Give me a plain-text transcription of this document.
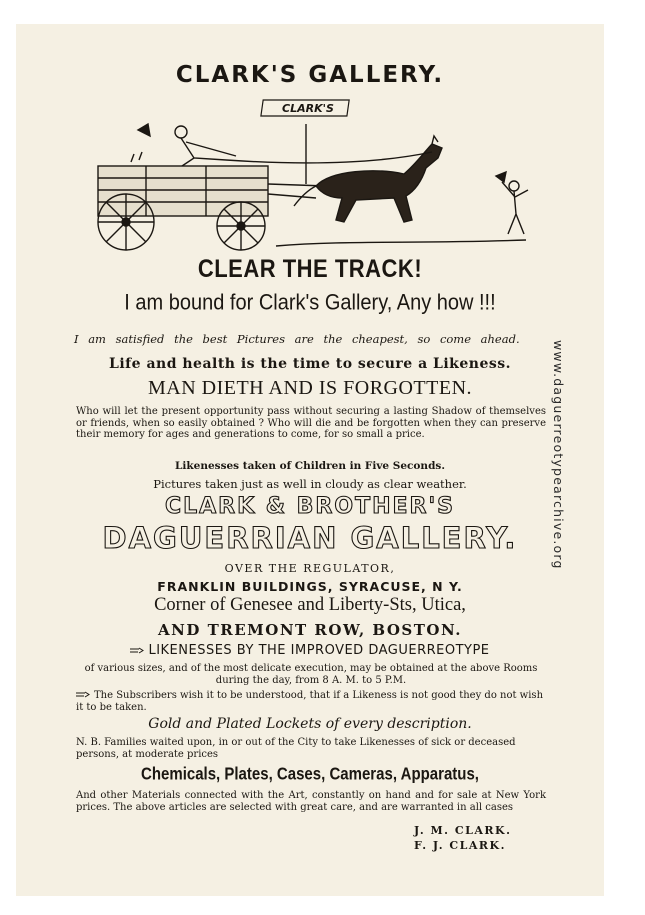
CLARK'S GALLERY.
CLARK'S
CLEAR THE TRACK!
I am bound for Clark's Gallery, Any how !!!
I am satisfied the best Pictures are the cheapest, so come ahead.
Life and health is the time to secure a Likeness.
MAN DIETH AND IS FORGOTTEN.
Who will let the present opportunity pass without securing a lasting Shadow of themselves or friends, when so easily obtained ? Who will die and be forgotten when they can preserve their memory for ages and generations to come, for so small a price.
Likenesses taken of Children in Five Seconds.
Pictures taken just as well in cloudy as clear weather.
CLARK & BROTHER'S
DAGUERRIAN GALLERY.
OVER THE REGULATOR,
FRANKLIN BUILDINGS, SYRACUSE, N Y.
Corner of Genesee and Liberty-Sts, Utica,
AND TREMONT ROW, BOSTON.
LIKENESSES BY THE IMPROVED DAGUERREOTYPE
of various sizes, and of the most delicate execution, may be obtained at the above Rooms during the day, from 8 A. M. to 5 P.M.
The Subscribers wish it to be understood, that if a Likeness is not good they do not wish it to be taken.
Gold and Plated Lockets of every description.
N. B. Families waited upon, in or out of the City to take Likenesses of sick or deceased persons, at moderate prices
Chemicals, Plates, Cases, Cameras, Apparatus,
And other Materials connected with the Art, constantly on hand and for sale at New York prices. The above articles are selected with great care, and are warranted in all cases
J. M. CLARK.
F. J. CLARK.
www.daguerreotypearchive.org
